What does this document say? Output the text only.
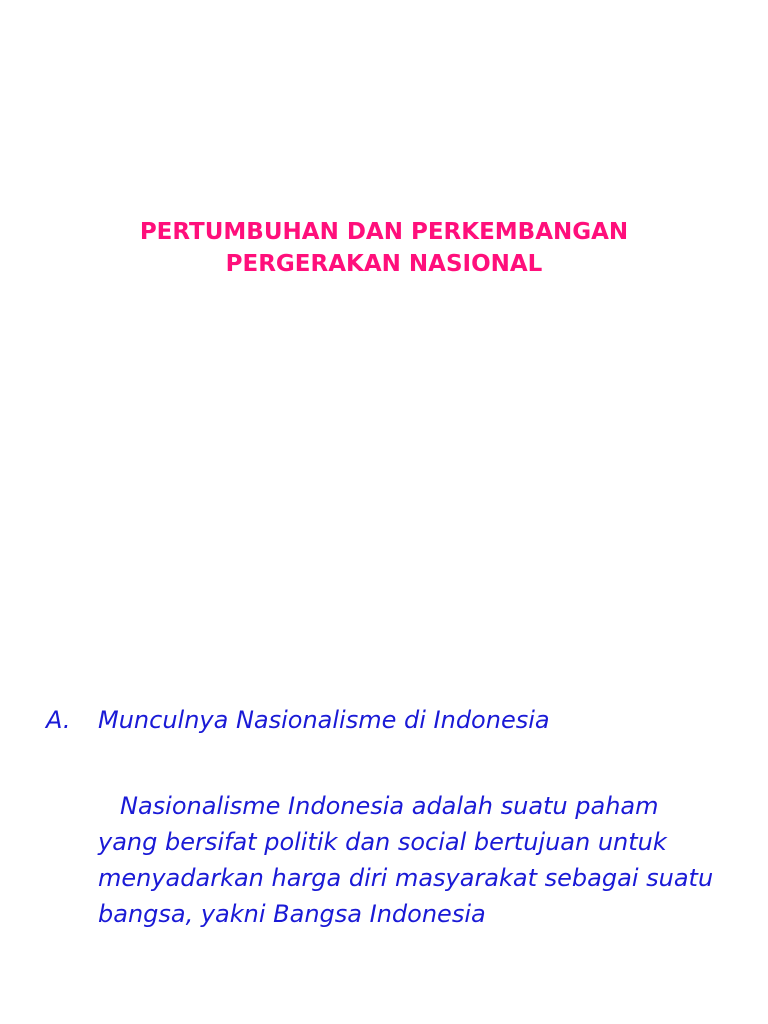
PERTUMBUHAN DAN PERKEMBANGAN
PERGERAKAN NASIONAL

A.	Munculnya Nasionalisme di Indonesia

Nasionalisme Indonesia adalah suatu paham
yang bersifat politik dan social bertujuan untuk
menyadarkan harga diri masyarakat sebagai suatu
bangsa, yakni Bangsa Indonesia
